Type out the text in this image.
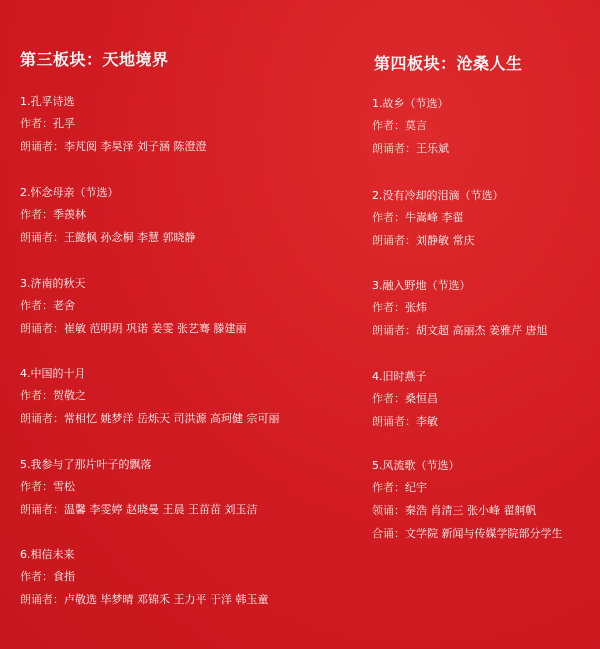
第三板块：天地境界
1.孔孚诗选
作者：孔孚
朗诵者：李芃阅 李昊泽 刘子涵 陈澄澄
2.怀念母亲（节选）
作者：季羡林
朗诵者：王懿枫 孙念桐 李慧 郭晓静
3.济南的秋天
作者：老舍
朗诵者：崔敏 范明玥 巩诺 姜雯 张艺骞 滕建丽
4.中国的十月
作者：贺敬之
朗诵者：常相忆 姚梦洋 岳烁天 司洪源 高珂健 宗可丽
5.我参与了那片叶子的飘落
作者：雪松
朗诵者：温馨 李雯婷 赵晓曼 王晨 王苗苗 刘玉洁
6.相信未来
作者：食指
朗诵者：卢敬选 毕梦晴 邓锦禾 王力平 于洋 韩玉童
第四板块：沧桑人生
1.故乡（节选）
作者：莫言
朗诵者：王乐斌
2.没有冷却的泪滴（节选）
作者：牛嵩峰 李翟
朗诵者：刘静敏 常庆
3.融入野地（节选）
作者：张炜
朗诵者：胡文超 高丽杰 姜雅芹 唐旭
4.旧时燕子
作者：桑恒昌
朗诵者：李敏
5.风流歌（节选）
作者：纪宇
领诵：秦浩 肖清三 张小峰 翟舸帆
合诵：文学院 新闻与传媒学院部分学生
